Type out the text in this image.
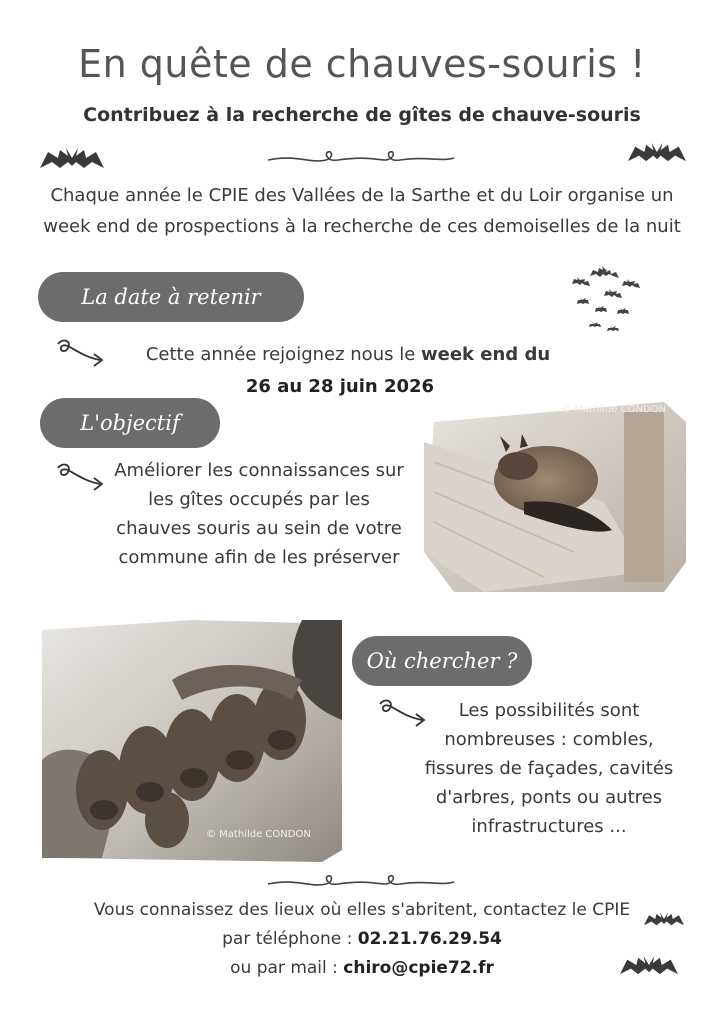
En quête de chauves-souris !
Contribuez à la recherche de gîtes de chauve-souris
Chaque année le CPIE des Vallées de la Sarthe et du Loir organise un week end de prospections à la recherche de ces demoiselles de la nuit
La date à retenir
Cette année rejoignez nous le week end du
26 au 28 juin 2026
L'objectif
Améliorer les connaissances sur les gîtes occupés par les chauves souris au sein de votre commune afin de les préserver
© Mathilde CONDON
© Mathilde CONDON
Où chercher ?
Les possibilités sont nombreuses : combles, fissures de façades, cavités d'arbres, ponts ou autres infrastructures ...
Vous connaissez des lieux où elles s'abritent, contactez le CPIE
par téléphone : 02.21.76.29.54
ou par mail : chiro@cpie72.fr
